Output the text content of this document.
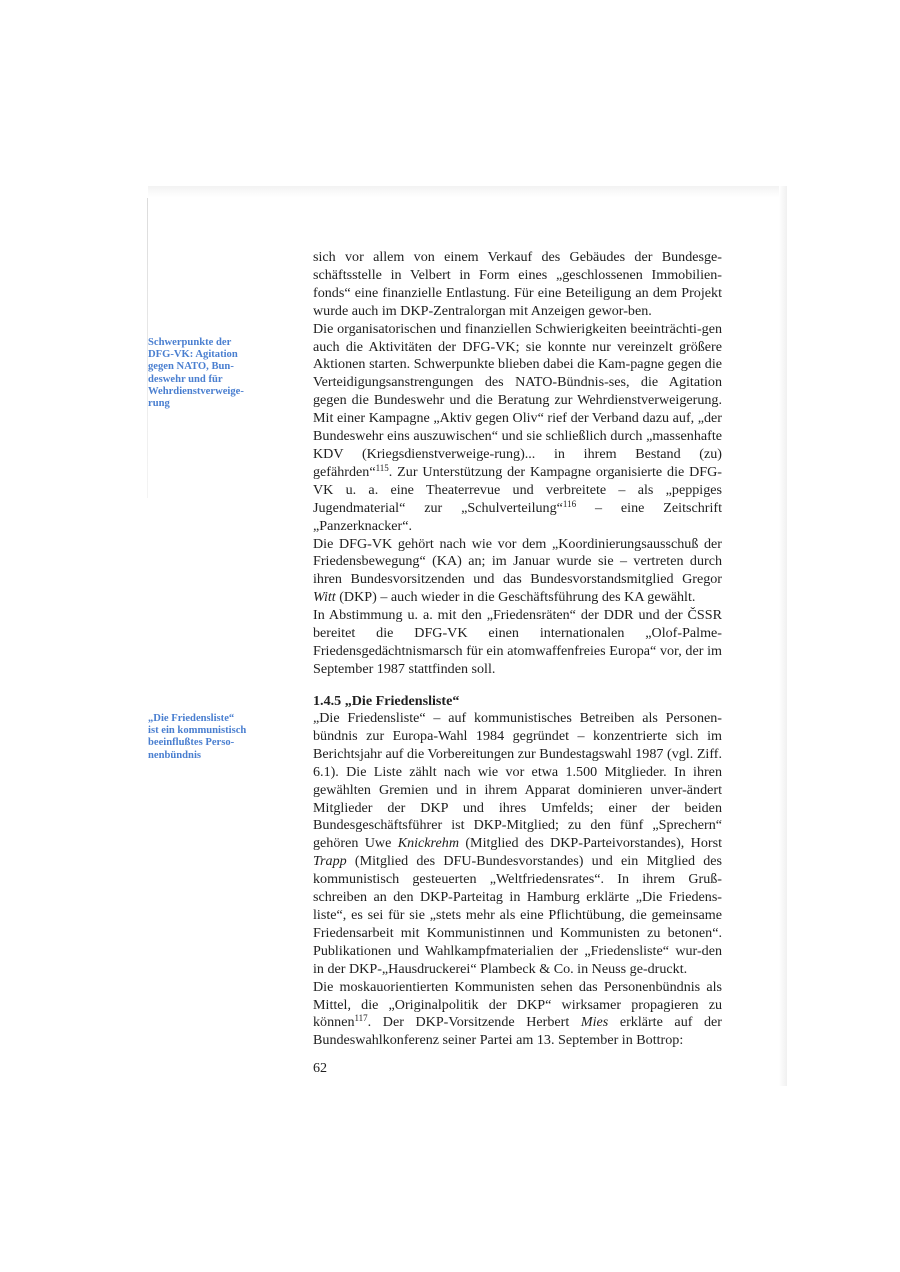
Schwerpunkte der
DFG-VK: Agitation
gegen NATO, Bun-
deswehr und für
Wehrdienstverweige-
rung
„Die Friedensliste“
ist ein kommunistisch
beeinflußtes Perso-
nenbündnis

sich vor allem von einem Verkauf des Gebäudes der Bundesge-schäftsstelle in Velbert in Form eines „geschlossenen Immobilien-fonds“ eine finanzielle Entlastung. Für eine Beteiligung an dem Projekt wurde auch im DKP-Zentralorgan mit Anzeigen gewor-ben.

Die organisatorischen und finanziellen Schwierigkeiten beeinträchti-gen auch die Aktivitäten der DFG-VK; sie konnte nur vereinzelt größere Aktionen starten. Schwerpunkte blieben dabei die Kam-pagne gegen die Verteidigungsanstrengungen des NATO-Bündnis-ses, die Agitation gegen die Bundeswehr und die Beratung zur Wehrdienstverweigerung. Mit einer Kampagne „Aktiv gegen Oliv“ rief der Verband dazu auf, „der Bundeswehr eins auszuwischen“ und sie schließlich durch „massenhafte KDV (Kriegsdienstverweige-rung)... in ihrem Bestand (zu) gefährden“$^{115}$. Zur Unterstützung der Kampagne organisierte die DFG-VK u. a. eine Theaterrevue und verbreitete – als „peppiges Jugendmaterial“ zur „Schulverteilung“$^{116}$ – eine Zeitschrift „Panzerknacker“.

Die DFG-VK gehört nach wie vor dem „Koordinierungsausschuß der Friedensbewegung“ (KA) an; im Januar wurde sie – vertreten durch ihren Bundesvorsitzenden und das Bundesvorstandsmitglied Gregor Witt (DKP) – auch wieder in die Geschäftsführung des KA gewählt.

In Abstimmung u. a. mit den „Friedensräten“ der DDR und der ČSSR bereitet die DFG-VK einen internationalen „Olof-Palme-Friedensgedächtnismarsch für ein atomwaffenfreies Europa“ vor, der im September 1987 stattfinden soll.

1.4.5 „Die Friedensliste“

„Die Friedensliste“ – auf kommunistisches Betreiben als Personen-bündnis zur Europa-Wahl 1984 gegründet – konzentrierte sich im Berichtsjahr auf die Vorbereitungen zur Bundestagswahl 1987 (vgl. Ziff. 6.1). Die Liste zählt nach wie vor etwa 1.500 Mitglieder. In ihren gewählten Gremien und in ihrem Apparat dominieren unver-ändert Mitglieder der DKP und ihres Umfelds; einer der beiden Bundesgeschäftsführer ist DKP-Mitglied; zu den fünf „Sprechern“ gehören Uwe Knickrehm (Mitglied des DKP-Parteivorstandes), Horst Trapp (Mitglied des DFU-Bundesvorstandes) und ein Mitglied des kommunistisch gesteuerten „Weltfriedensrates“. In ihrem Gruß-schreiben an den DKP-Parteitag in Hamburg erklärte „Die Friedens-liste“, es sei für sie „stets mehr als eine Pflichtübung, die gemeinsame Friedensarbeit mit Kommunistinnen und Kommunisten zu betonen“. Publikationen und Wahlkampfmaterialien der „Friedensliste“ wur-den in der DKP-„Hausdruckerei“ Plambeck & Co. in Neuss ge-druckt.

Die moskauorientierten Kommunisten sehen das Personenbündnis als Mittel, die „Originalpolitik der DKP“ wirksamer propagieren zu können$^{117}$. Der DKP-Vorsitzende Herbert Mies erklärte auf der Bundeswahlkonferenz seiner Partei am 13. September in Bottrop:

62
